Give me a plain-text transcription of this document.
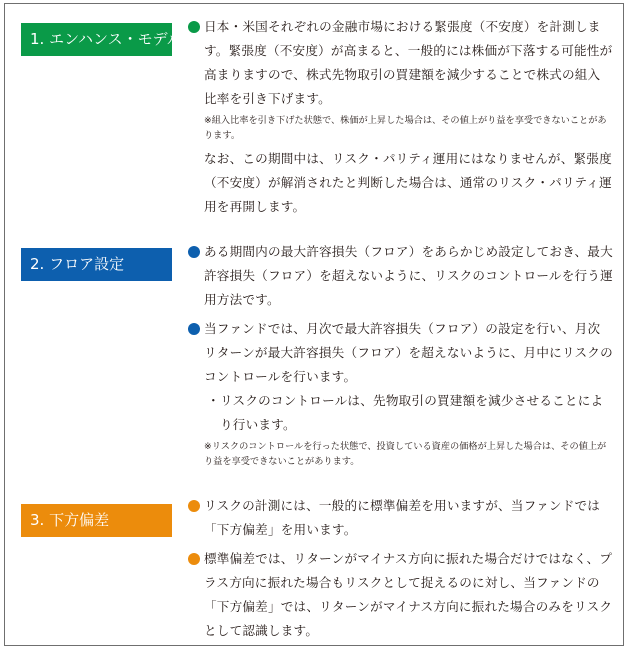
1. エンハンス・モデル
日本・米国それぞれの金融市場における緊張度（不安度）を計測します。緊張度（不安度）が高まると、一般的には株価が下落する可能性が高まりますので、株式先物取引の買建額を減少することで株式の組入比率を引き下げます。
※組入比率を引き下げた状態で、株価が上昇した場合は、その値上がり益を享受できないことがあります。
なお、この期間中は、リスク・パリティ運用にはなりませんが、緊張度（不安度）が解消されたと判断した場合は、通常のリスク・パリティ運用を再開します。
2. フロア設定
ある期間内の最大許容損失（フロア）をあらかじめ設定しておき、最大許容損失（フロア）を超えないように、リスクのコントロールを行う運用方法です。
当ファンドでは、月次で最大許容損失（フロア）の設定を行い、月次リターンが最大許容損失（フロア）を超えないように、月中にリスクのコントロールを行います。
・ リスクのコントロールは、先物取引の買建額を減少させることにより行います。
※リスクのコントロールを行った状態で、投資している資産の価格が上昇した場合は、その値上がり益を享受できないことがあります。
3. 下方偏差
リスクの計測には、一般的に標準偏差を用いますが、当ファンドでは「下方偏差」を用います。
標準偏差では、リターンがマイナス方向に振れた場合だけではなく、プラス方向に振れた場合もリスクとして捉えるのに対し、当ファンドの「下方偏差」では、リターンがマイナス方向に振れた場合のみをリスクとして認識します。
